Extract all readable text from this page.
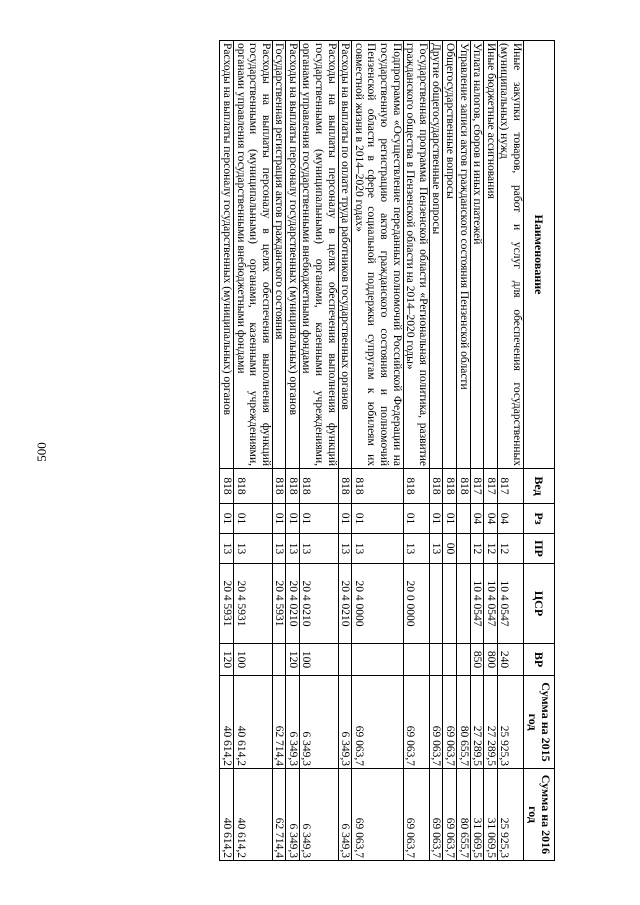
500
Наименование	Вед	Рз	ПР	ЦСР	ВР	Сумма на 2015 год	Сумма на 2016 год
Иные закупки товаров, работ и услуг для обеспечения государственных (муниципальных) нужд	817	04	12	10 4 0547	240	25 925,3	25 925,3
Иные бюджетные ассигнования	817	04	12	10 4 0547	800	27 289,5	31 069,5
Уплата налогов, сборов и иных платежей	817	04	12	10 4 0547	850	27 289,5	31 069,5
Управление записи актов гражданского состояния Пензенской области	818					80 655,7	80 655,7
Общегосударственные вопросы	818	01	00			69 063,7	69 063,7
Другие общегосударственные вопросы	818	01	13			69 063,7	69 063,7
Государственная программа Пензенской области «Региональная политика, развитие гражданского общества в Пензенской области на 2014–2020 годы»	818	01	13	20 0 0000		69 063,7	69 063,7
Подпрограмма «Осуществление переданных полномочий Российской Федерации на государственную регистрацию актов гражданского состояния и полномочий Пензенской области в сфере социальной поддержки супругам к юбилеям их совместной жизни в 2014–2020 годах»	818	01	13	20 4 0000		69 063,7	69 063,7
Расходы на выплаты по оплате труда работников государственных органов	818	01	13	20 4 0210		6 349,3	6 349,3
Расходы на выплаты персоналу в целях обеспечения выполнения функций государственными (муниципальными) органами, казенными учреждениями, органами управления государственными внебюджетными фондами	818	01	13	20 4 0210	100	6 349,3	6 349,3
Расходы на выплаты персоналу государственных (муниципальных) органов	818	01	13	20 4 0210	120	6 349,3	6 349,3
Государственная регистрация актов гражданского состояния	818	01	13	20 4 5931		62 714,4	62 714,4
Расходы на выплаты персоналу в целях обеспечения выполнения функций государственными (муниципальными) органами, казенными учреждениями, органами управления государственными внебюджетными фондами	818	01	13	20 4 5931	100	40 614,2	40 614,2
Расходы на выплаты персоналу государственных (муниципальных) органов	818	01	13	20 4 5931	120	40 614,2	40 614,2
